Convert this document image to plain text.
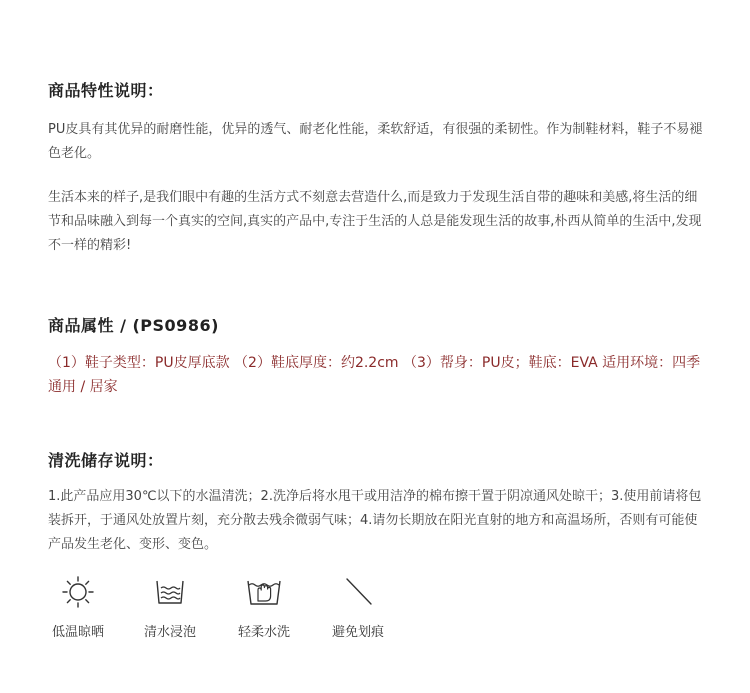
商品特性说明：

PU皮具有其优异的耐磨性能，优异的透气、耐老化性能，柔软舒适，有很强的柔韧性。作为制鞋材料，鞋子不易褪色老化。

生活本来的样子,是我们眼中有趣的生活方式不刻意去营造什么,而是致力于发现生活自带的趣味和美感,将生活的细节和品味融入到每一个真实的空间,真实的产品中,专注于生活的人总是能发现生活的故事,朴西从简单的生活中,发现不一样的精彩!

商品属性 / (PS0986)

（1）鞋子类型：PU皮厚底款 （2）鞋底厚度：约2.2cm （3）帮身：PU皮；鞋底：EVA 适用环境：四季通用 / 居家

清洗储存说明：

1.此产品应用30℃以下的水温清洗；2.洗净后将水甩干或用洁净的棉布擦干置于阴凉通风处晾干；3.使用前请将包装拆开，于通风处放置片刻，充分散去残余微弱气味；4.请勿长期放在阳光直射的地方和高温场所，否则有可能使产品发生老化、变形、变色。

低温晾晒	清水浸泡	轻柔水洗	避免划痕
